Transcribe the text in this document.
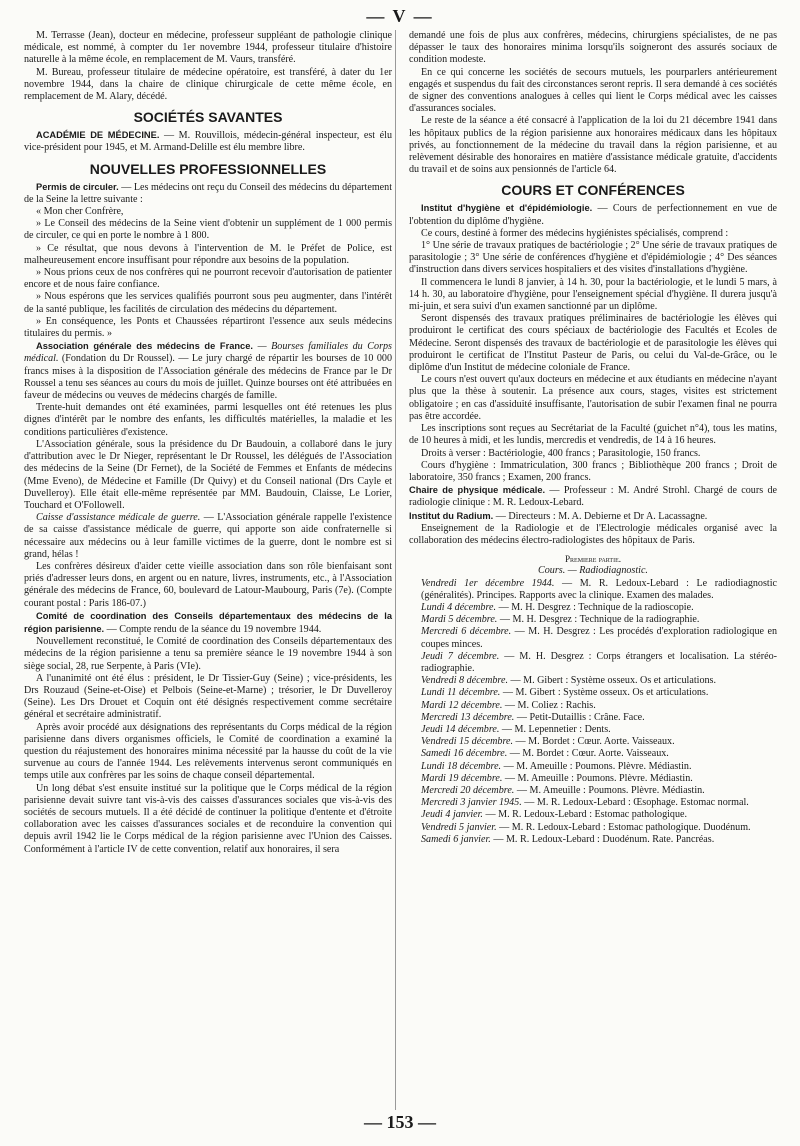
— V —

M. Terrasse (Jean), docteur en médecine, professeur suppléant de pathologie clinique médicale, est nommé, à compter du 1er novembre 1944, professeur titulaire d'histoire naturelle à la même école, en remplacement de M. Vaurs, transféré.

M. Bureau, professeur titulaire de médecine opératoire, est transféré, à dater du 1er novembre 1944, dans la chaire de clinique chirurgicale de cette même école, en remplacement de M. Alary, décédé.

SOCIÉTÉS SAVANTES

ACADÉMIE DE MÉDECINE. — M. Rouvillois, médecin-général inspecteur, est élu vice-président pour 1945, et M. Armand-Delille est élu membre libre.

NOUVELLES PROFESSIONNELLES

Permis de circuler. — Les médecins ont reçu du Conseil des médecins du département de la Seine la lettre suivante :

« Mon cher Confrère,

» Le Conseil des médecins de la Seine vient d'obtenir un supplément de 1 000 permis de circuler, ce qui en porte le nombre à 1 800.

» Ce résultat, que nous devons à l'intervention de M. le Préfet de Police, est malheureusement encore insuffisant pour répondre aux besoins de la population.

» Nous prions ceux de nos confrères qui ne pourront recevoir d'autorisation de patienter encore et de nous faire confiance.

» Nous espérons que les services qualifiés pourront sous peu augmenter, dans l'intérêt de la santé publique, les facilités de circulation des médecins du département.

» En conséquence, les Ponts et Chaussées répartiront l'essence aux seuls médecins titulaires du permis. »

Association générale des médecins de France. — Bourses familiales du Corps médical. (Fondation du Dr Roussel). — Le jury chargé de répartir les bourses de 10 000 francs mises à la disposition de l'Association générale des médecins de France par le Dr Roussel a tenu ses séances au cours du mois de juillet. Quinze bourses ont été attribuées en faveur de médecins ou veuves de médecins chargés de famille.

Trente-huit demandes ont été examinées, parmi lesquelles ont été retenues les plus dignes d'intérêt par le nombre des enfants, les difficultés matérielles, la maladie et les conditions particulières d'existence.

L'Association générale, sous la présidence du Dr Baudouin, a collaboré dans le jury d'attribution avec le Dr Nieger, représentant le Dr Roussel, les délégués de l'Association des médecins de la Seine (Dr Fernet), de la Société de Femmes et Enfants de médecins (Mme Eveno), de Médecine et Famille (Dr Quivy) et du Conseil national (Drs Cayle et Duvelleroy). Elle était elle-même représentée par MM. Baudouin, Claisse, Le Lorier, Touchard et O'Followell.

Caisse d'assistance médicale de guerre. — L'Association générale rappelle l'existence de sa caisse d'assistance médicale de guerre, qui apporte son aide confraternelle si nécessaire aux médecins ou à leur famille victimes de la guerre, dont le nombre est si grand, hélas !

Les confrères désireux d'aider cette vieille association dans son rôle bienfaisant sont priés d'adresser leurs dons, en argent ou en nature, livres, instruments, etc., à l'Association générale des médecins de France, 60, boulevard de Latour-Maubourg, Paris (7e). (Compte courant postal : Paris 186-07.)

Comité de coordination des Conseils départementaux des médecins de la région parisienne. — Compte rendu de la séance du 19 novembre 1944.

Nouvellement reconstitué, le Comité de coordination des Conseils départementaux des médecins de la région parisienne a tenu sa première séance le 19 novembre 1944 à son siège social, 28, rue Serpente, à Paris (VIe).

A l'unanimité ont été élus : président, le Dr Tissier-Guy (Seine) ; vice-présidents, les Drs Rouzaud (Seine-et-Oise) et Pelbois (Seine-et-Marne) ; trésorier, le Dr Duvelleroy (Seine). Les Drs Drouet et Coquin ont été désignés respectivement comme secrétaire général et secrétaire administratif.

Après avoir procédé aux désignations des représentants du Corps médical de la région parisienne dans divers organismes officiels, le Comité de coordination a examiné la question du réajustement des honoraires minima nécessité par la hausse du coût de la vie survenue au cours de l'année 1944. Les relèvements intervenus seront communiqués en temps utile aux confrères par les soins de chaque conseil départemental.

Un long débat s'est ensuite institué sur la politique que le Corps médical de la région parisienne devait suivre tant vis-à-vis des caisses d'assurances sociales que vis-à-vis des sociétés de secours mutuels. Il a été décidé de continuer la politique d'entente et d'étroite collaboration avec les caisses d'assurances sociales et de reconduire la convention qui depuis avril 1942 lie le Corps médical de la région parisienne avec l'Union des Caisses. Conformément à l'article IV de cette convention, relatif aux honoraires, il sera

demandé une fois de plus aux confrères, médecins, chirurgiens spécialistes, de ne pas dépasser le taux des honoraires minima lorsqu'ils soigneront des assurés sociaux de condition modeste.

En ce qui concerne les sociétés de secours mutuels, les pourparlers antérieurement engagés et suspendus du fait des circonstances seront repris. Il sera demandé à ces sociétés de signer des conventions analogues à celles qui lient le Corps médical avec les caisses d'assurances sociales.

Le reste de la séance a été consacré à l'application de la loi du 21 décembre 1941 dans les hôpitaux publics de la région parisienne aux honoraires médicaux dans les hôpitaux privés, au fonctionnement de la médecine du travail dans la région parisienne, et au relèvement désirable des honoraires en matière d'assistance médicale gratuite, d'accidents du travail et de soins aux pensionnés de l'article 64.

COURS ET CONFÉRENCES

Institut d'hygiène et d'épidémiologie. — Cours de perfectionnement en vue de l'obtention du diplôme d'hygiène.

Ce cours, destiné à former des médecins hygiénistes spécialisés, comprend :

1° Une série de travaux pratiques de bactériologie ; 2° Une série de travaux pratiques de parasitologie ; 3° Une série de conférences d'hygiène et d'épidémiologie ; 4° Des séances d'instruction dans divers services hospitaliers et des visites d'installations d'hygiène.

Il commencera le lundi 8 janvier, à 14 h. 30, pour la bactériologie, et le lundi 5 mars, à 14 h. 30, au laboratoire d'hygiène, pour l'enseignement spécial d'hygiène. Il durera jusqu'à mi-juin, et sera suivi d'un examen sanctionné par un diplôme.

Seront dispensés des travaux pratiques préliminaires de bactériologie les élèves qui produiront le certificat des cours spéciaux de bactériologie des Facultés et Ecoles de Médecine. Seront dispensés des travaux de bactériologie et de parasitologie les élèves qui produiront le certificat de l'Institut Pasteur de Paris, ou celui du Val-de-Grâce, ou le diplôme d'un Institut de médecine coloniale de France.

Le cours n'est ouvert qu'aux docteurs en médecine et aux étudiants en médecine n'ayant plus que la thèse à soutenir. La présence aux cours, stages, visites est strictement obligatoire ; en cas d'assiduité insuffisante, l'autorisation de subir l'examen final ne pourra pas être accordée.

Les inscriptions sont reçues au Secrétariat de la Faculté (guichet n°4), tous les matins, de 10 heures à midi, et les lundis, mercredis et vendredis, de 14 à 16 heures.

Droits à verser : Bactériologie, 400 francs ; Parasitologie, 150 francs.

Cours d'hygiène : Immatriculation, 300 francs ; Bibliothèque 200 francs ; Droit de laboratoire, 350 francs ; Examen, 200 francs.

Chaire de physique médicale. — Professeur : M. André Strohl. Chargé de cours de radiologie clinique : M. R. Ledoux-Lebard.

Institut du Radium. — Directeurs : M. A. Debierne et Dr A. Lacassagne.

Enseignement de la Radiologie et de l'Electrologie médicales organisé avec la collaboration des médecins électro-radiologistes des hôpitaux de Paris.

Premiere partie.

Cours. — Radiodiagnostic.

Vendredi 1er décembre 1944. — M. R. Ledoux-Lebard : Le radiodiagnostic (généralités). Principes. Rapports avec la clinique. Examen des malades.

Lundi 4 décembre. — M. H. Desgrez : Technique de la radioscopie.

Mardi 5 décembre. — M. H. Desgrez : Technique de la radiographie.

Mercredi 6 décembre. — M. H. Desgrez : Les procédés d'exploration radiologique en coupes minces.

Jeudi 7 décembre. — M. H. Desgrez : Corps étrangers et localisation. La stéréo-radiographie.

Vendredi 8 décembre. — M. Gibert : Système osseux. Os et articulations.

Lundi 11 décembre. — M. Gibert : Système osseux. Os et articulations.

Mardi 12 décembre. — M. Coliez : Rachis.

Mercredi 13 décembre. — Petit-Dutaillis : Crâne. Face.

Jeudi 14 décembre. — M. Lepennetier : Dents.

Vendredi 15 décembre. — M. Bordet : Cœur. Aorte. Vaisseaux.

Samedi 16 décembre. — M. Bordet : Cœur. Aorte. Vaisseaux.

Lundi 18 décembre. — M. Ameuille : Poumons. Plèvre. Médiastin.

Mardi 19 décembre. — M. Ameuille : Poumons. Plèvre. Médiastin.

Mercredi 20 décembre. — M. Ameuille : Poumons. Plèvre. Médiastin.

Mercredi 3 janvier 1945. — M. R. Ledoux-Lebard : Œsophage. Estomac normal.

Jeudi 4 janvier. — M. R. Ledoux-Lebard : Estomac pathologique.

Vendredi 5 janvier. — M. R. Ledoux-Lebard : Estomac pathologique. Duodénum.

Samedi 6 janvier. — M. R. Ledoux-Lebard : Duodénum. Rate. Pancréas.

— 153 —
